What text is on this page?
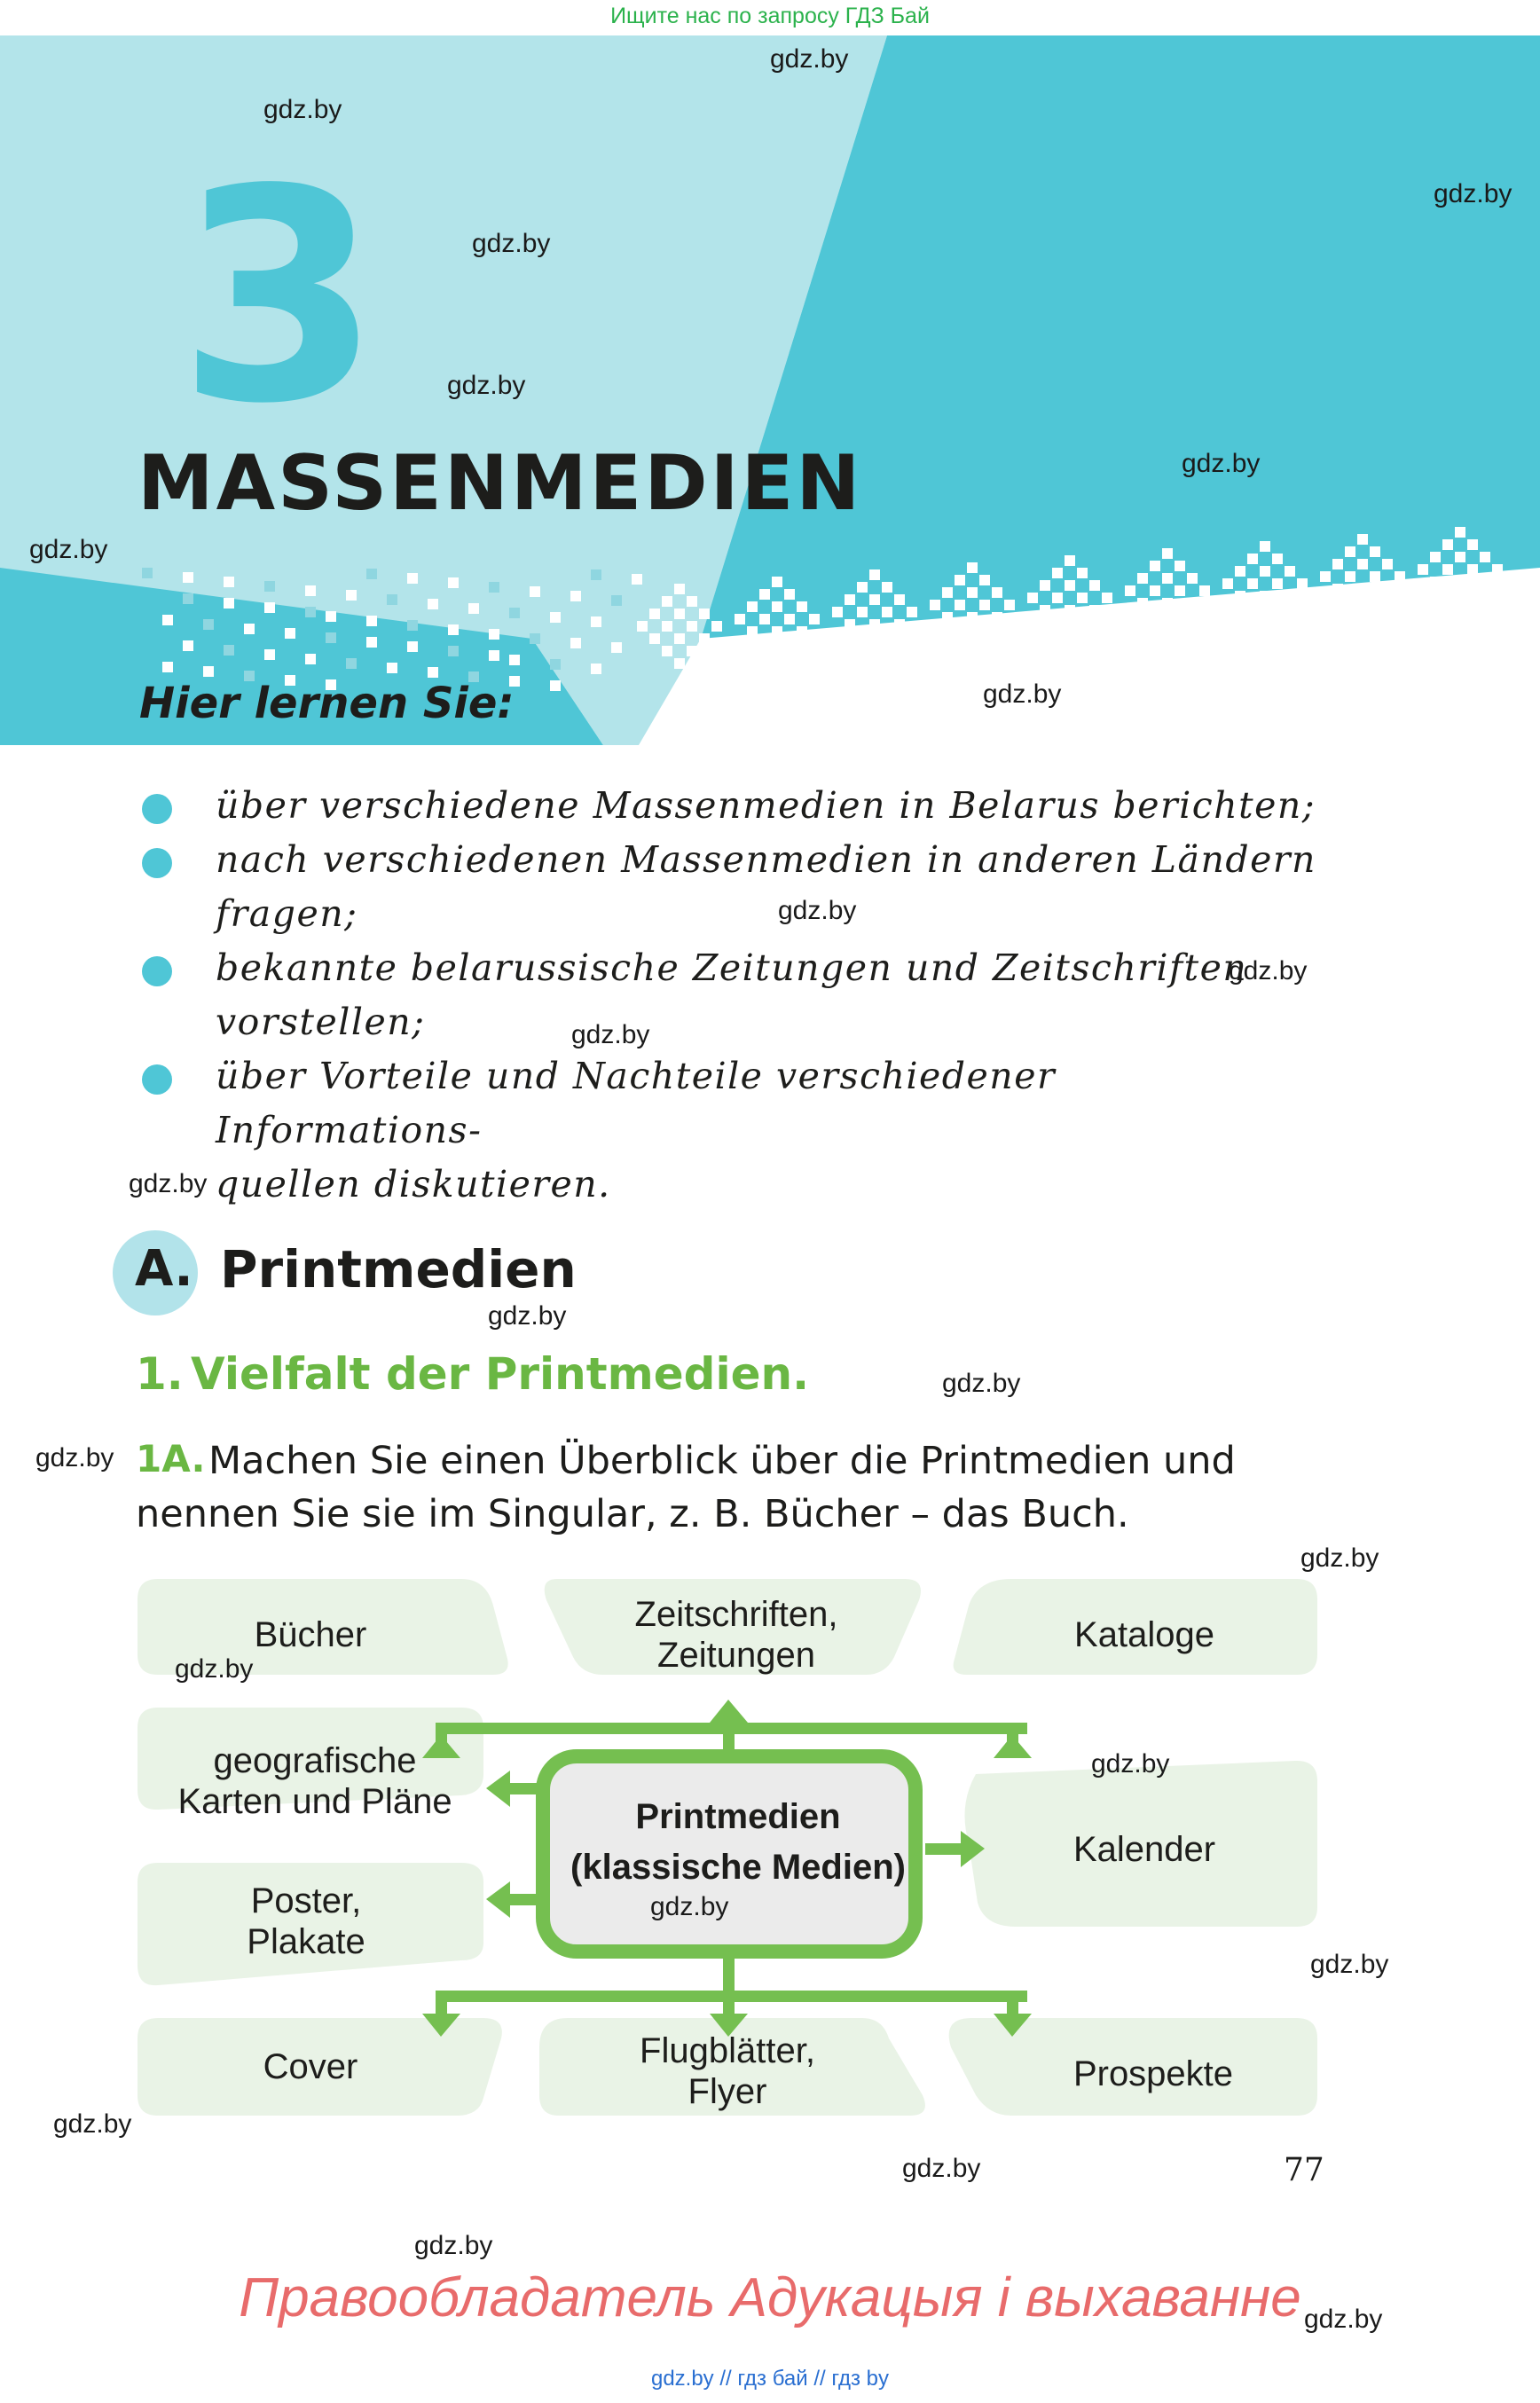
Ищите нас по запросу ГДЗ Бай
3
MASSENMEDIEN
Hier lernen Sie:
über verschiedene Massenmedien in Belarus berichten;
nach verschiedenen Massenmedien in anderen Ländern
fragen;
bekannte belarussische Zeitungen und Zeitschriften
vorstellen;
über Vorteile und Nachteile verschiedener Informations-
quellen diskutieren.
A. Printmedien
1. Vielfalt der Printmedien.
1A. Machen Sie einen Überblick über die Printmedien und
nennen Sie sie im Singular, z. B. Bücher – das Buch.
Printmedien
(klassische Medien)
Bücher
Zeitschriften,
Zeitungen
Kataloge
geografische
Karten und Pläne
Kalender
Poster,
Plakate
Cover	Flugblätter,
Flyer	Prospekte
77
Правообладатель Адукацыя і выхаванне
gdz.by // гдз бай // гдз by
gdz.by
gdz.by
gdz.by
gdz.by
gdz.by
gdz.by
gdz.by
gdz.by
gdz.by
gdz.by
gdz.by
gdz.by
gdz.by
gdz.by
gdz.by
gdz.by
gdz.by
gdz.by
gdz.by
gdz.by
gdz.by
gdz.by
gdz.by
gdz.by
